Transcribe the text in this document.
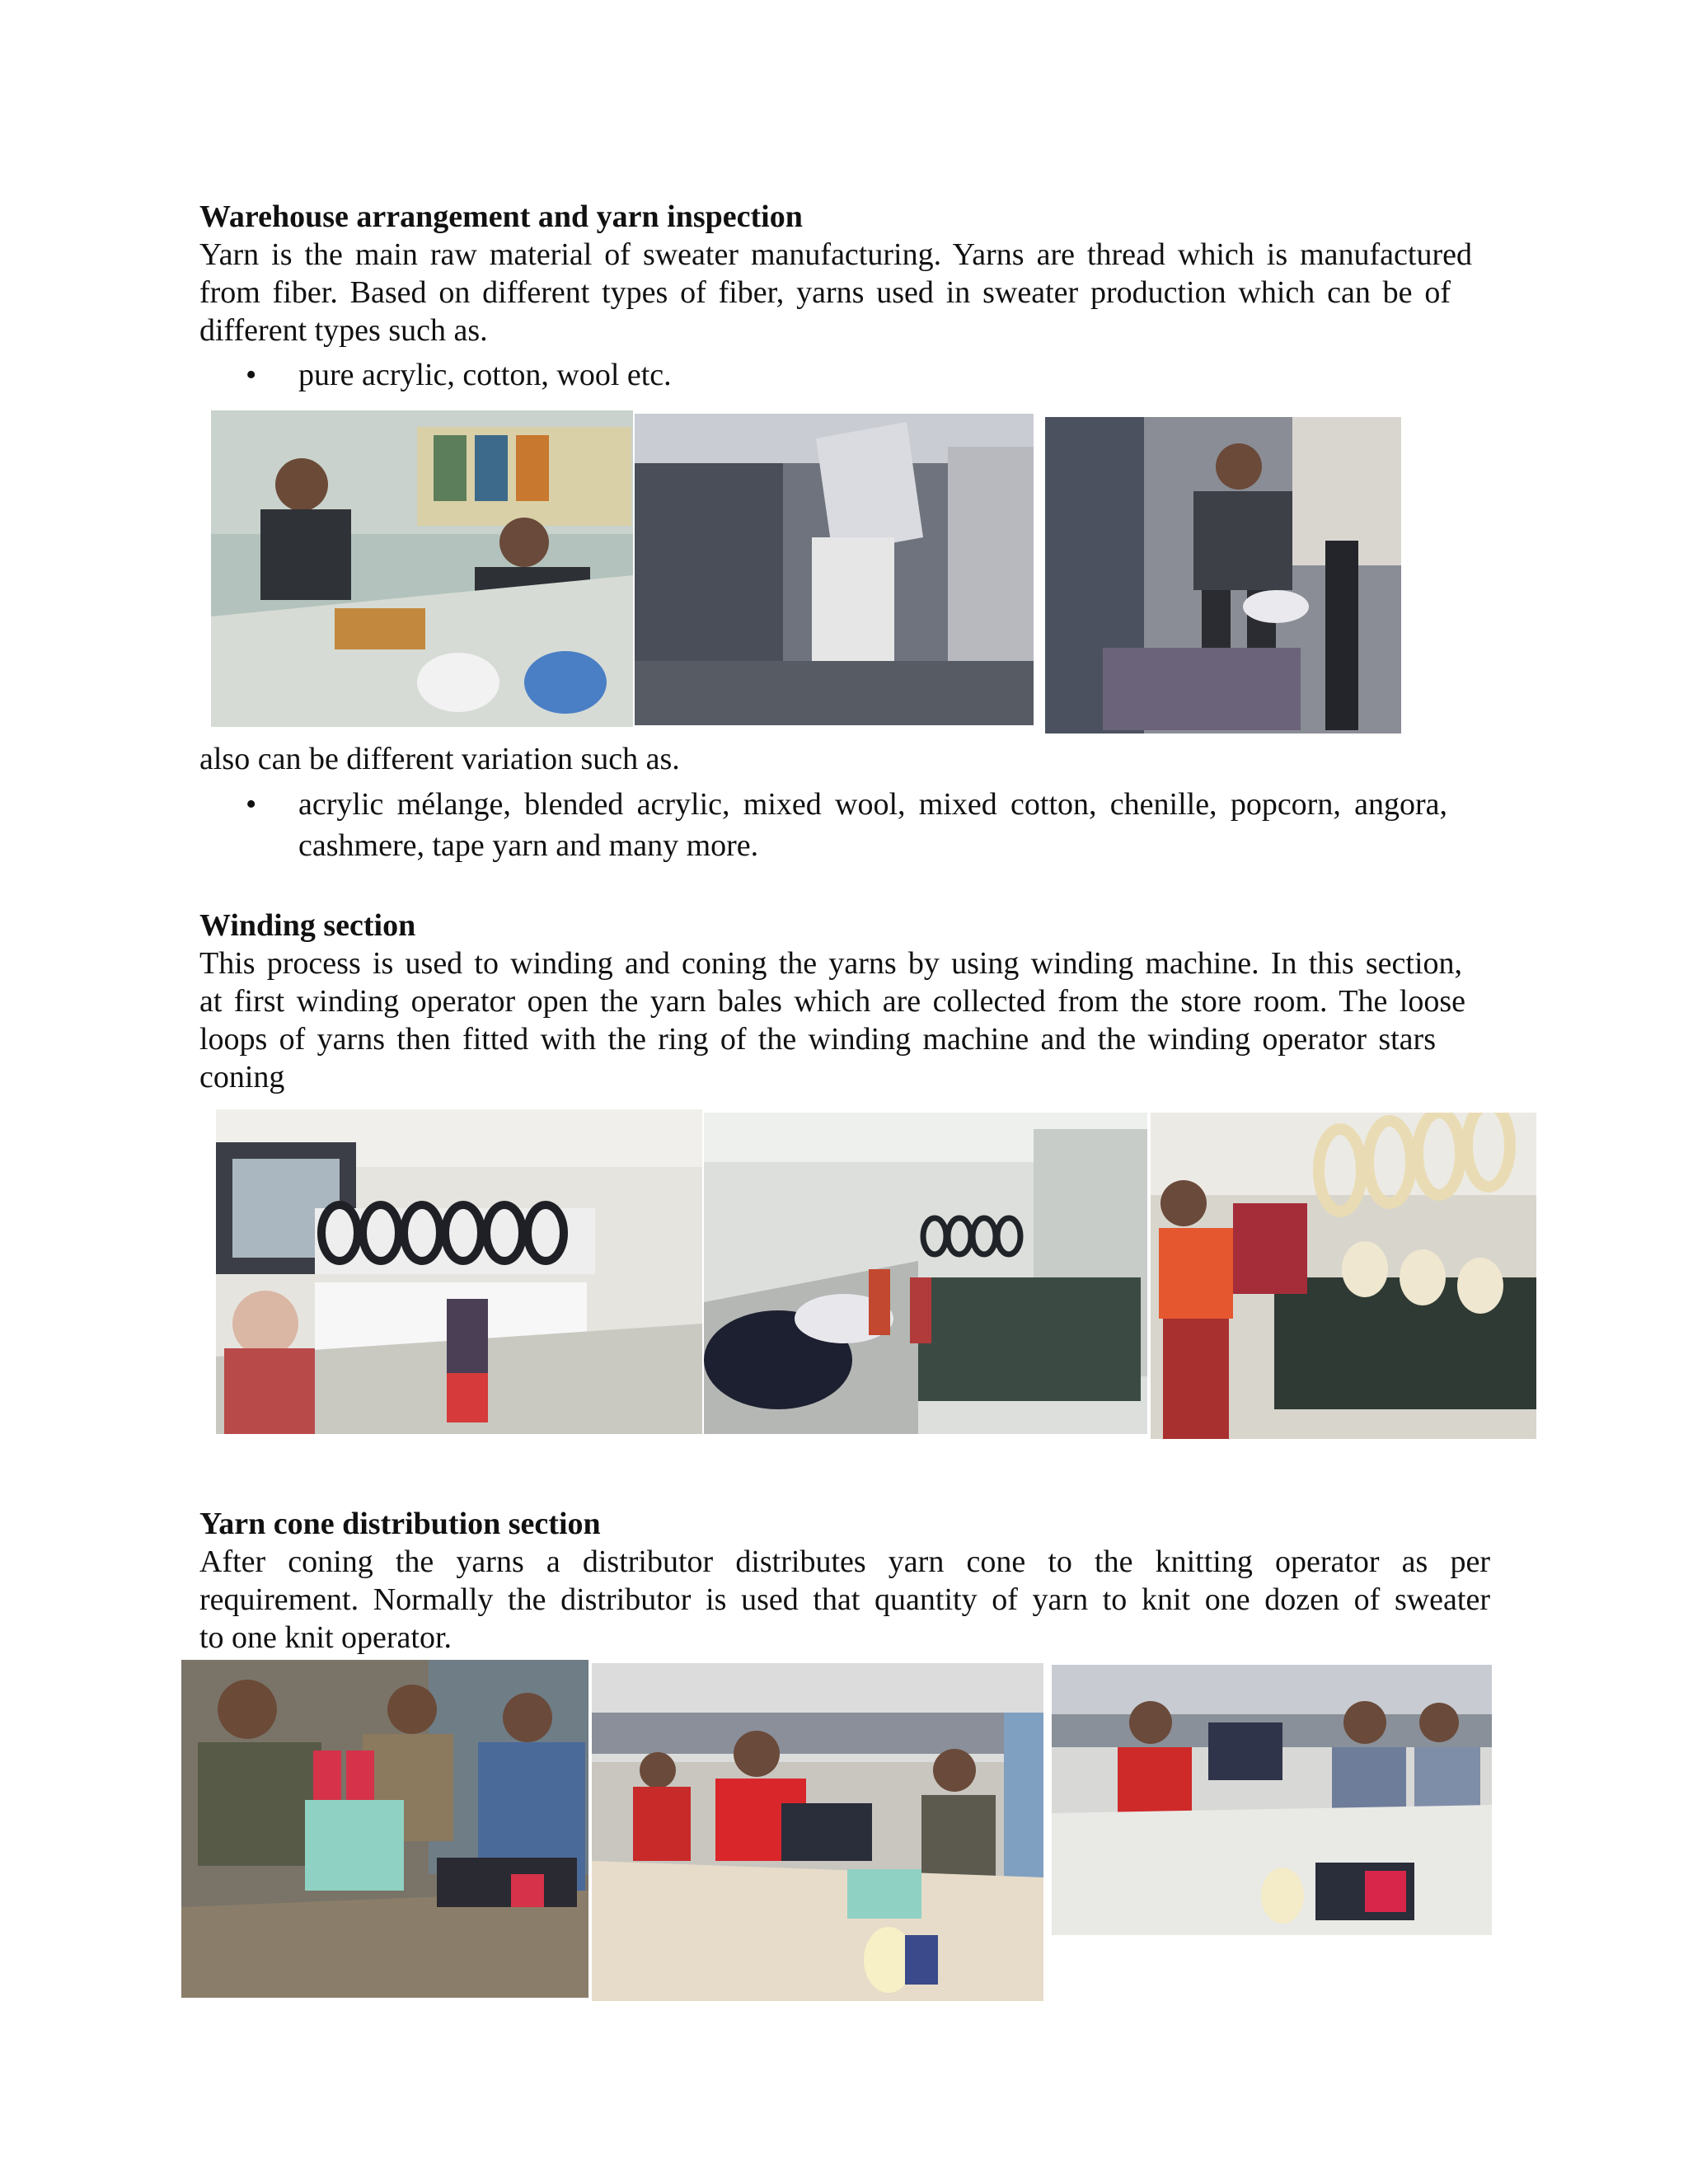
Warehouse arrangement and yarn inspection

Yarn is the main raw material of sweater manufacturing. Yarns are thread which is manufactured

from fiber. Based on different types of fiber, yarns used in sweater production which can be of

different types such as.

• pure acrylic, cotton, wool etc.

also can be different variation such as.

• acrylic mélange, blended acrylic, mixed wool, mixed cotton, chenille, popcorn, angora,

cashmere, tape yarn and many more.

Winding section

This process is used to winding and coning the yarns by using winding machine. In this section,

at first winding operator open the yarn bales which are collected from the store room. The loose

loops of yarns then fitted with the ring of the winding machine and the winding operator stars

coning

Yarn cone distribution section

After coning the yarns a distributor distributes yarn cone to the knitting operator as per

requirement. Normally the distributor is used that quantity of yarn to knit one dozen of sweater

to one knit operator.
